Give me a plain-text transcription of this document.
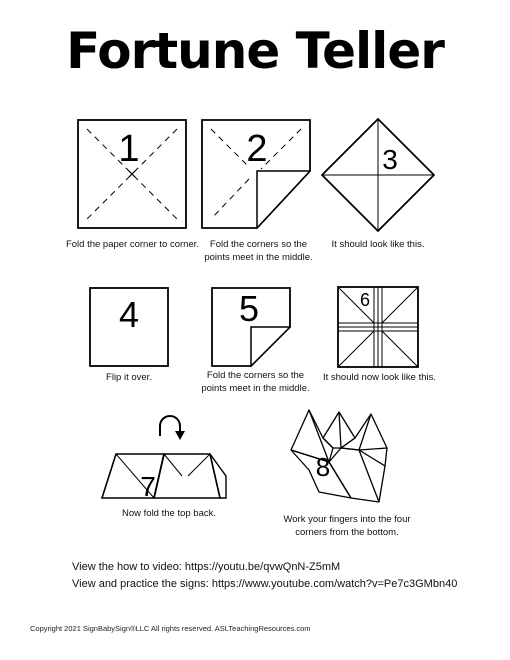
Fortune Teller
1
Fold the paper corner to corner.
2
Fold the corners so the points meet in the middle.
3
It should look like this.
4
Flip it over.
5
Fold the corners so the points meet in the middle.
6
It should now look like this.
7
Now fold the top back.
8
Work your fingers into the four corners from the bottom.
View the how to video: https://youtu.be/qvwQnN-Z5mM
View and practice the signs: https://www.youtube.com/watch?v=Pe7c3GMbn40
Copyright 2021 SignBabySign®LLC All rights reserved. ASLTeachingResources.com
